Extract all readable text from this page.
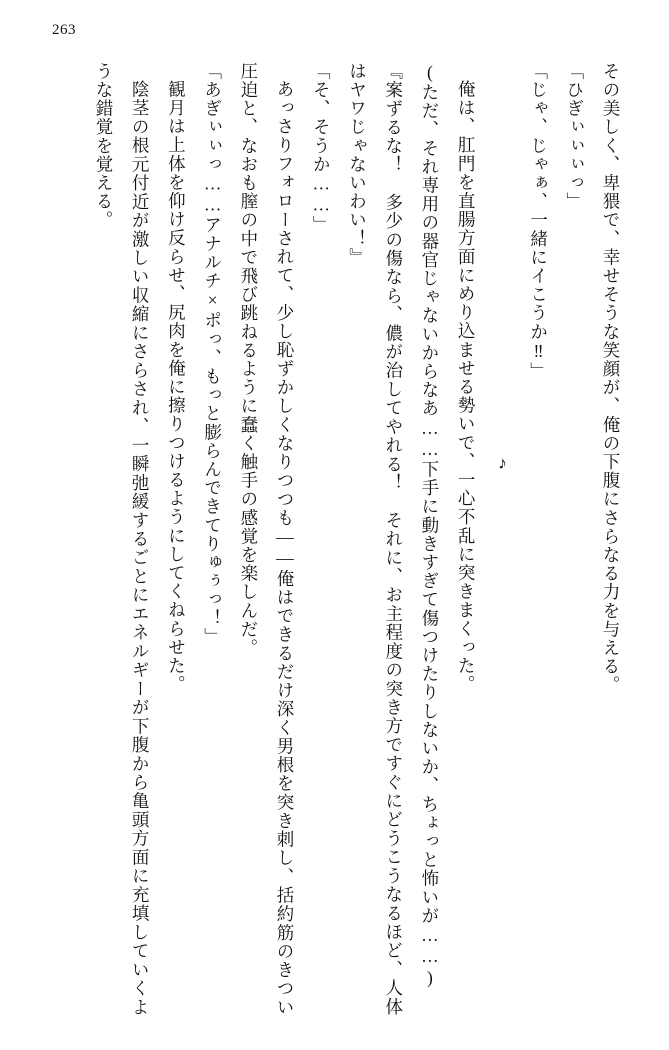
263

その美しく、卑猥で、幸せそうな笑顔が、俺の下腹にさらなる力を与える。

「ひぎぃぃぃっ」

「じゃ、じゃぁ、一緒にイこうか‼」

　　　　　　　　　　　　　　　　　　　　　♪

俺は、肛門を直腸方面にめり込ませる勢いで、一心不乱に突きまくった。

(ただ、それ専用の器官じゃないからなあ……下手に動きすぎて傷つけたりしないか、ちょっと怖いが……)

『案ずるな！　多少の傷なら、儂が治してやれる！　それに、お主程度の突き方ですぐにどうこうなるほど、人体はヤワじゃないわい！』

「そ、そうか……」

あっさりフォローされて、少し恥ずかしくなりつつも――俺はできるだけ深く男根を突き刺し、括約筋のきつい圧迫と、なおも膣の中で飛び跳ねるように蠢く触手の感覚を楽しんだ。

「あぎぃぃっ……アナルチ×ポっ、もっと膨らんできてりゅぅっ！」

観月は上体を仰け反らせ、尻肉を俺に擦りつけるようにしてくねらせた。

陰茎の根元付近が激しい収縮にさらされ、一瞬弛緩するごとにエネルギーが下腹から亀頭方面に充填していくような錯覚を覚える。
